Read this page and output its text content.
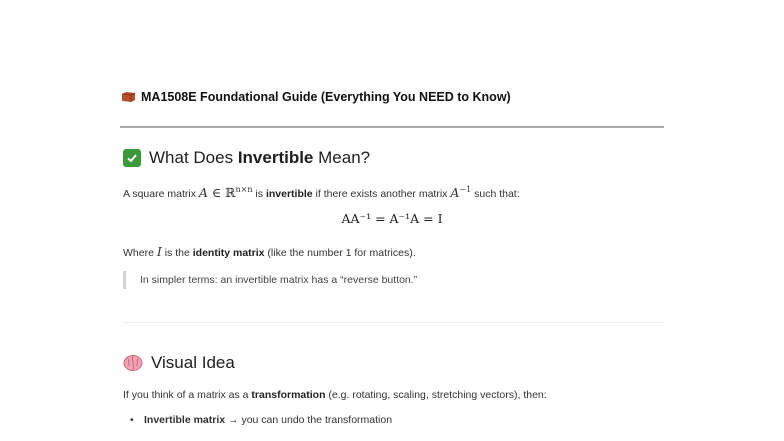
MA1508E Foundational Guide (Everything You NEED to Know)
What Does Invertible Mean?
A square matrix A ∈ ℝ$^{n\times n}$ is invertible if there exists another matrix $A^{-1}$ such that:
AA⁻¹ = A⁻¹A = I
Where I is the identity matrix (like the number 1 for matrices).
In simpler terms: an invertible matrix has a “reverse button.”
Visual Idea
If you think of a matrix as a transformation (e.g. rotating, scaling, stretching vectors), then:
• Invertible matrix → you can undo the transformation
